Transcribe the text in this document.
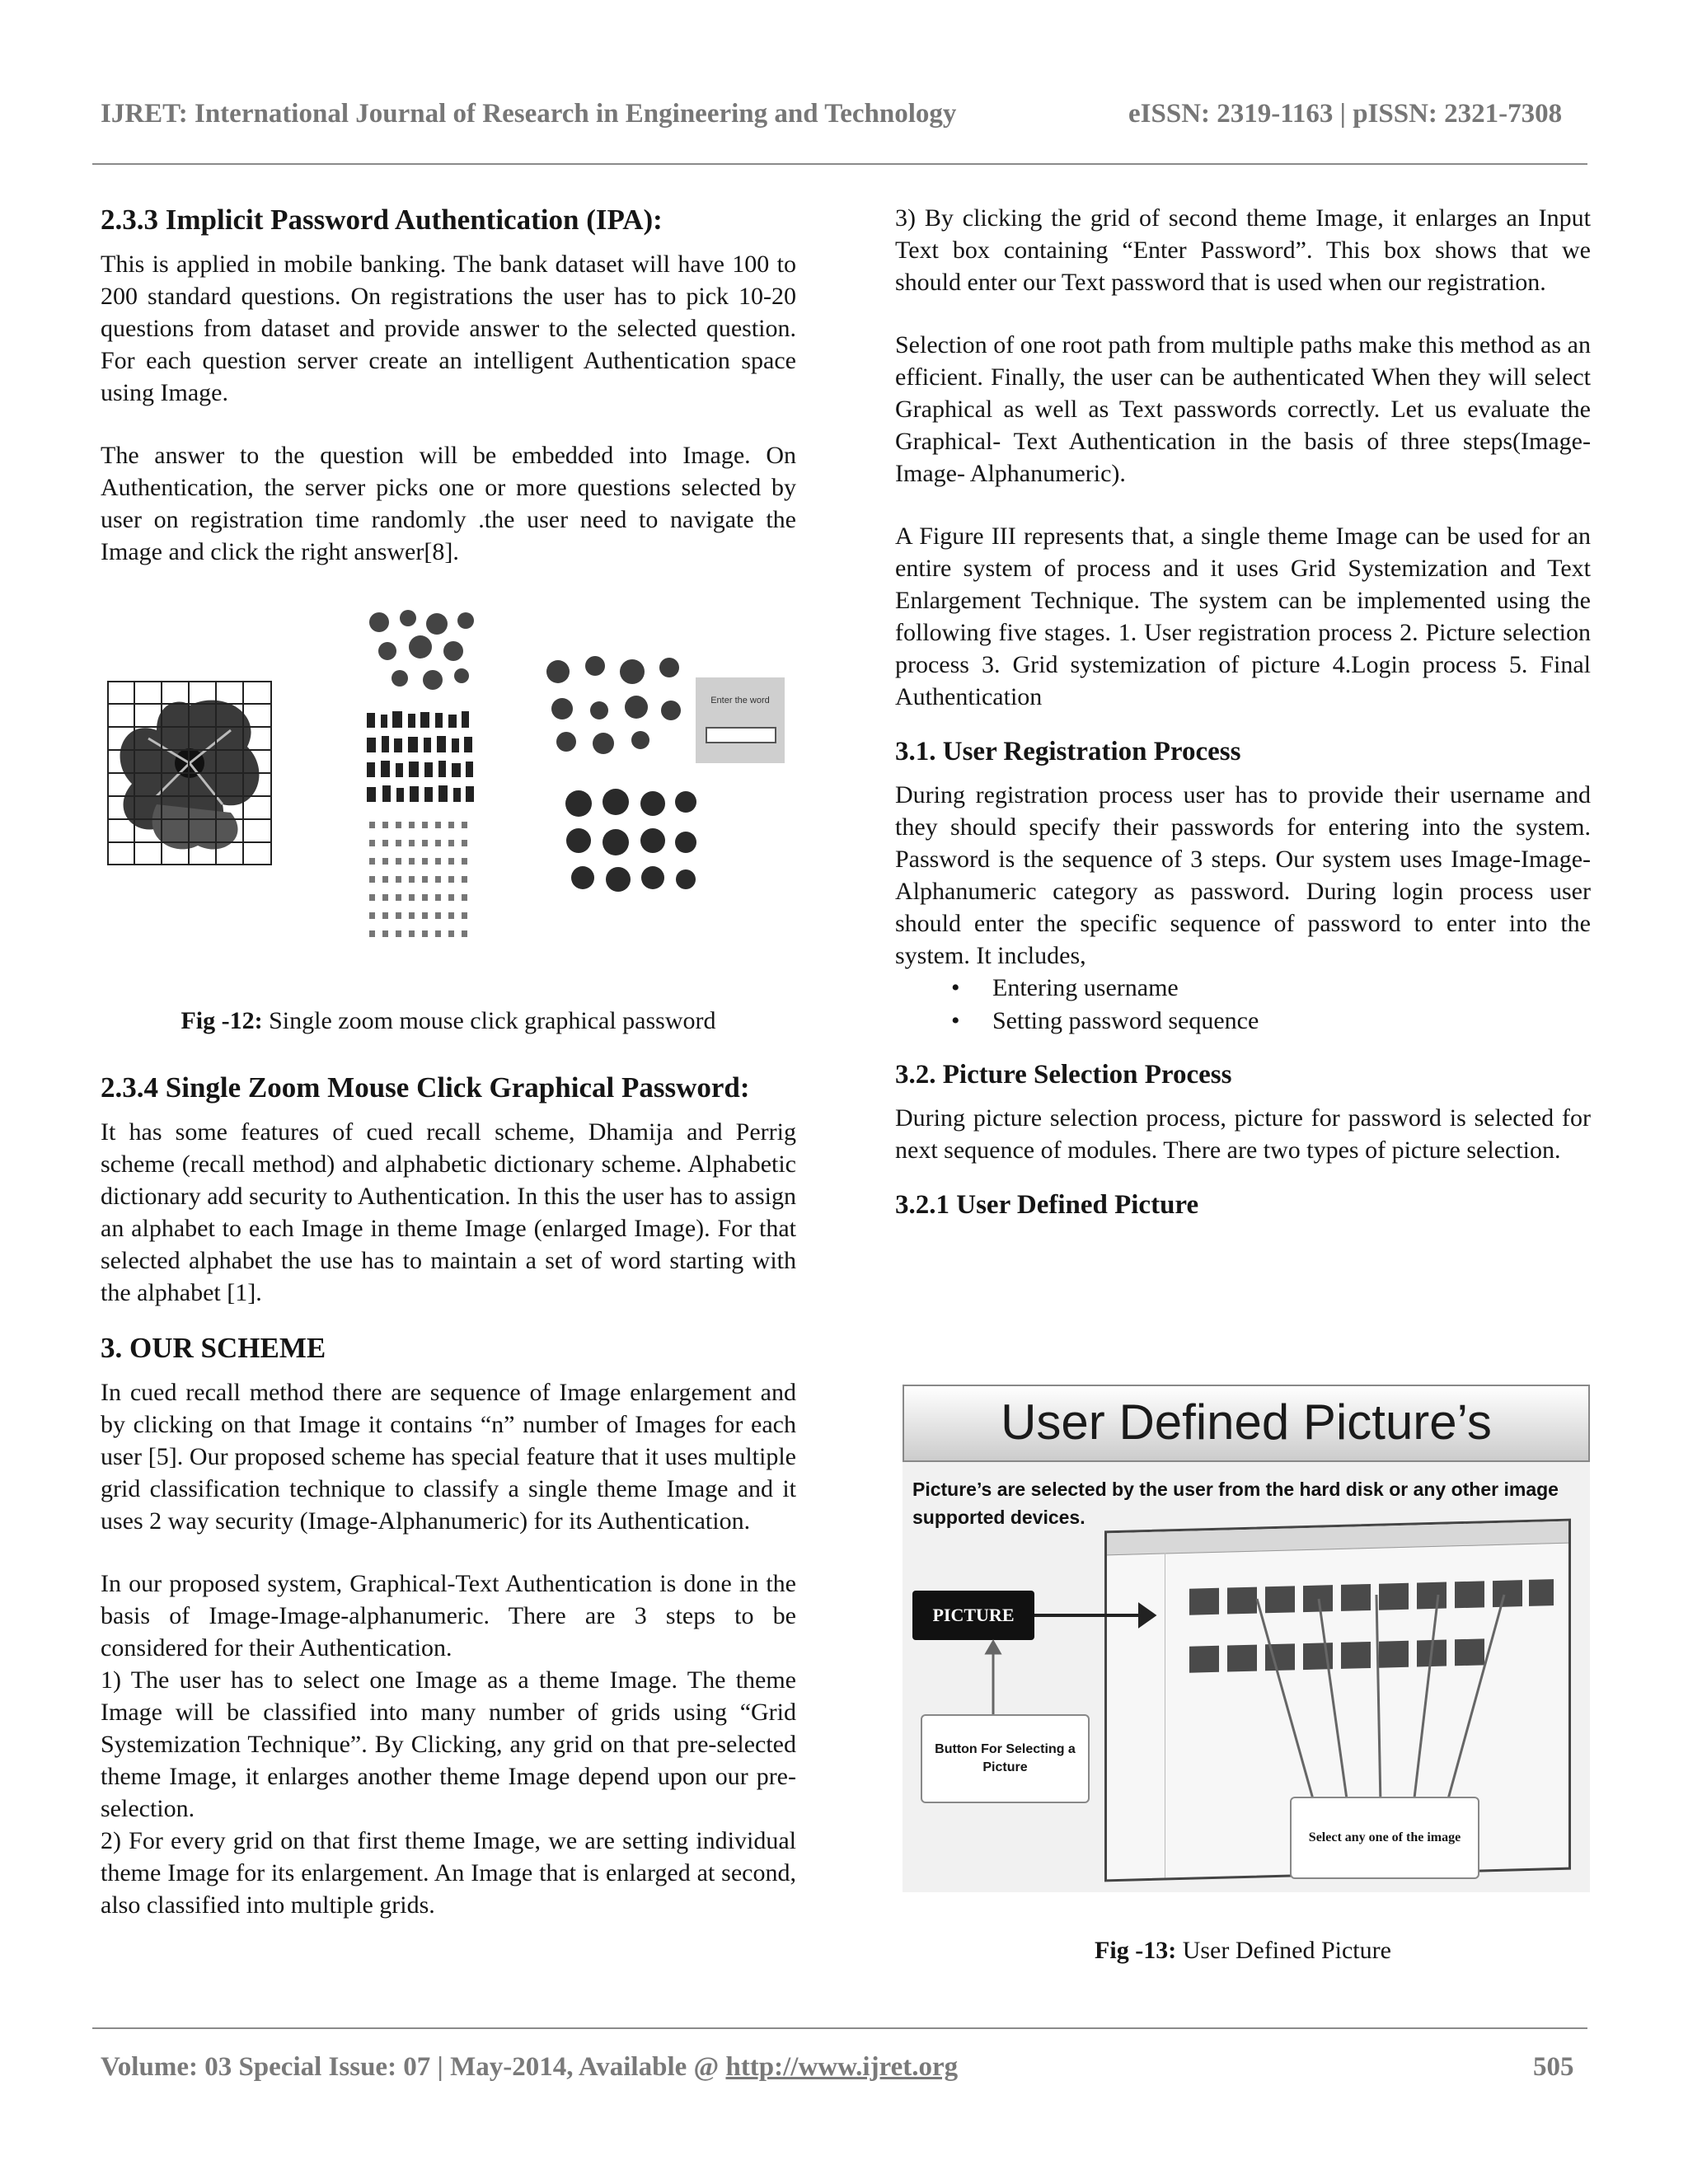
IJRET: International Journal of Research in Engineering and Technology	eISSN: 2319-1163 | pISSN: 2321-7308
2.3.3 Implicit Password Authentication (IPA):

This is applied in mobile banking. The bank dataset will have 100 to 200 standard questions. On registrations the user has to pick 10-20 questions from dataset and provide answer to the selected question. For each question server create an intelligent Authentication space using Image.

The answer to the question will be embedded into Image. On Authentication, the server picks one or more questions selected by user on registration time randomly .the user need to navigate the Image and click the right answer[8].

Enter the word
Fig -12: Single zoom mouse click graphical password
2.3.4 Single Zoom Mouse Click Graphical Password:

It has some features of cued recall scheme, Dhamija and Perrig scheme (recall method) and alphabetic dictionary scheme. Alphabetic dictionary add security to Authentication. In this the user has to assign an alphabet to each Image in theme Image (enlarged Image). For that selected alphabet the use has to maintain a set of word starting with the alphabet [1].

3. OUR SCHEME

In cued recall method there are sequence of Image enlargement and by clicking on that Image it contains “n” number of Images for each user [5]. Our proposed scheme has special feature that it uses multiple grid classification technique to classify a single theme Image and it uses 2 way security (Image-Alphanumeric) for its Authentication.

In our proposed system, Graphical-Text Authentication is done in the basis of Image-Image-alphanumeric. There are 3 steps to be considered for their Authentication.

1) The user has to select one Image as a theme Image. The theme Image will be classified into many number of grids using “Grid Systemization Technique”. By Clicking, any grid on that pre-selected theme Image, it enlarges another theme Image depend upon our pre-selection.

2) For every grid on that first theme Image, we are setting individual theme Image for its enlargement. An Image that is enlarged at second, also classified into multiple grids.

3) By clicking the grid of second theme Image, it enlarges an Input Text box containing “Enter Password”. This box shows that we should enter our Text password that is used when our registration.

Selection of one root path from multiple paths make this method as an efficient. Finally, the user can be authenticated When they will select Graphical as well as Text passwords correctly. Let us evaluate the Graphical- Text Authentication in the basis of three steps(Image-Image- Alphanumeric).

A Figure III represents that, a single theme Image can be used for an entire system of process and it uses Grid Systemization and Text Enlargement Technique. The system can be implemented using the following five stages. 1. User registration process 2. Picture selection process 3. Grid systemization of picture 4.Login process 5. Final Authentication

3.1. User Registration Process

During registration process user has to provide their username and they should specify their passwords for entering into the system. Password is the sequence of 3 steps. Our system uses Image-Image-Alphanumeric category as password. During login process user should enter the specific sequence of password to enter into the system. It includes,

• Entering username
• Setting password sequence
3.2. Picture Selection Process

During picture selection process, picture for password is selected for next sequence of modules. There are two types of picture selection.

3.2.1 User Defined Picture
User Defined Picture’s
Picture’s are selected by the user from the hard disk or any other image supported devices.
PICTURE
Button For Selecting a Picture
Select any one of the image
Fig -13: User Defined Picture
Volume: 03 Special Issue: 07 | May-2014, Available @ http://www.ijret.org	505
